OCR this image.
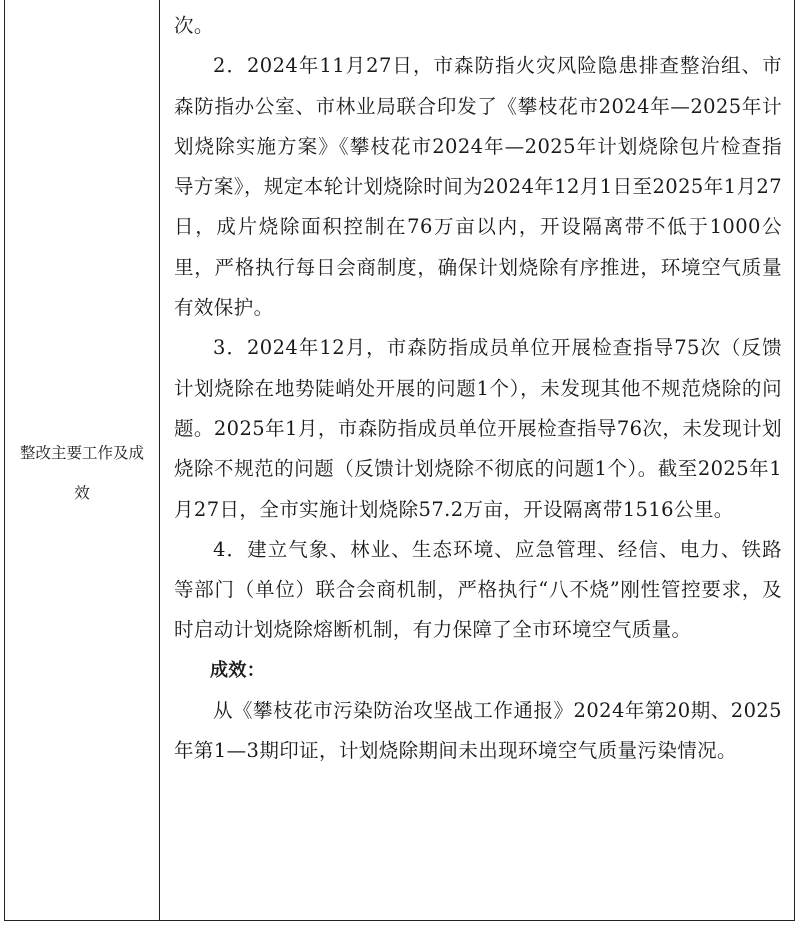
整改主要工作及成效

次。

2．2024年11月27日，市森防指火灾风险隐患排查整治组、市森防指办公室、市林业局联合印发了《攀枝花市2024年—2025年计划烧除实施方案》《攀枝花市2024年—2025年计划烧除包片检查指导方案》，规定本轮计划烧除时间为2024年12月1日至2025年1月27日，成片烧除面积控制在76万亩以内，开设隔离带不低于1000公里，严格执行每日会商制度，确保计划烧除有序推进，环境空气质量有效保护。

3．2024年12月，市森防指成员单位开展检查指导75次（反馈计划烧除在地势陡峭处开展的问题1个），未发现其他不规范烧除的问题。2025年1月，市森防指成员单位开展检查指导76次，未发现计划烧除不规范的问题（反馈计划烧除不彻底的问题1个）。截至2025年1月27日，全市实施计划烧除57.2万亩，开设隔离带1516公里。

4．建立气象、林业、生态环境、应急管理、经信、电力、铁路等部门（单位）联合会商机制，严格执行“八不烧”刚性管控要求，及时启动计划烧除熔断机制，有力保障了全市环境空气质量。

成效：

从《攀枝花市污染防治攻坚战工作通报》2024年第20期、2025年第1—3期印证，计划烧除期间未出现环境空气质量污染情况。
